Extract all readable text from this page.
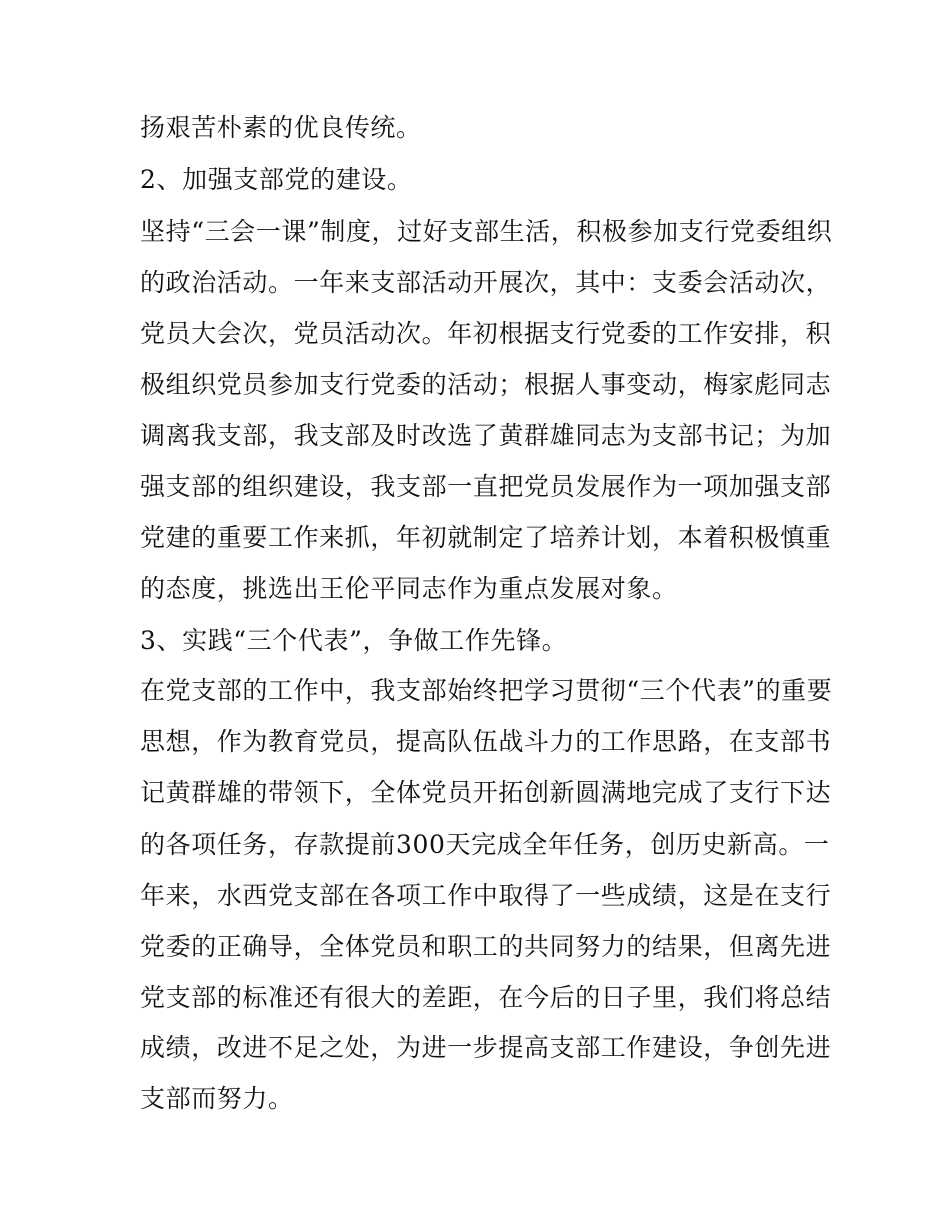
扬艰苦朴素的优良传统。
2、加强支部党的建设。
坚持“三会一课”制度，过好支部生活，积极参加支行党委组织
的政治活动。一年来支部活动开展次，其中：支委会活动次，
党员大会次，党员活动次。年初根据支行党委的工作安排，积
极组织党员参加支行党委的活动；根据人事变动，梅家彪同志
调离我支部，我支部及时改选了黄群雄同志为支部书记；为加
强支部的组织建设，我支部一直把党员发展作为一项加强支部
党建的重要工作来抓，年初就制定了培养计划，本着积极慎重
的态度，挑选出王伦平同志作为重点发展对象。
3、实践“三个代表”，争做工作先锋。
在党支部的工作中，我支部始终把学习贯彻“三个代表”的重要
思想，作为教育党员，提高队伍战斗力的工作思路，在支部书
记黄群雄的带领下，全体党员开拓创新圆满地完成了支行下达
的各项任务，存款提前300天完成全年任务，创历史新高。一
年来，水西党支部在各项工作中取得了一些成绩，这是在支行
党委的正确导，全体党员和职工的共同努力的结果，但离先进
党支部的标准还有很大的差距，在今后的日子里，我们将总结
成绩，改进不足之处，为进一步提高支部工作建设，争创先进
支部而努力。
